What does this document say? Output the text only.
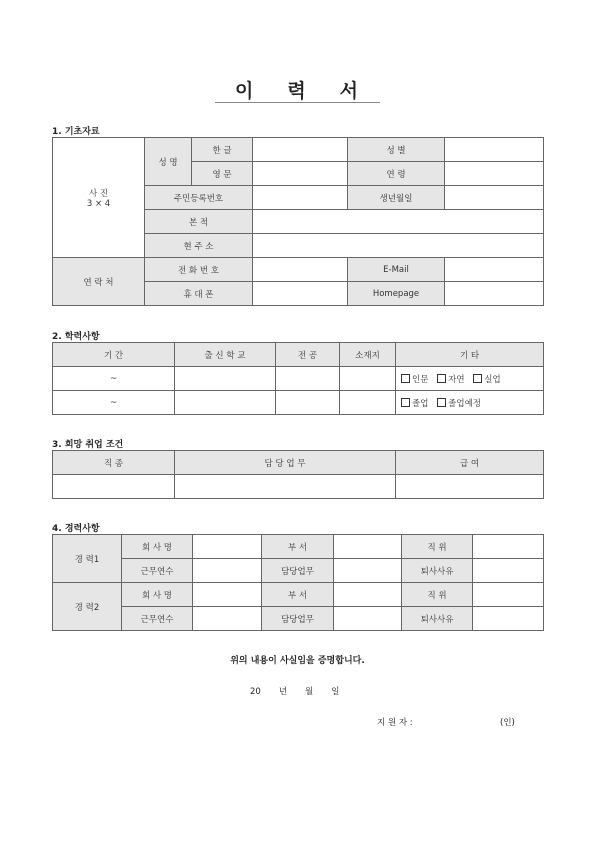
이 력 서
1. 기초자료
사 진
3 × 4	성 명	한 글		성 별	
		영 문		연 령	
	주민등록번호			생년월일	
	본 적				
	현 주 소				
연 락 처	전 화 번 호			E-Mail	
	휴 대 폰			Homepage	
2. 학력사항
기 간	출 신 학 교	전 공	소재지	기 타
~				인문 자연 실업
~				졸업 졸업예정
3. 희망 취업 조건
직 종	담 당 업 무	급 여

4. 경력사항
경 력1	회 사 명		부 서		직 위	
	근무연수		담당업무		퇴사사유	
경 력2	회 사 명		부 서		직 위	
	근무연수		담당업무		퇴사사유	
위의 내용이 사실임을 증명합니다.
20 년 월 일
지 원 자 :	(인)
